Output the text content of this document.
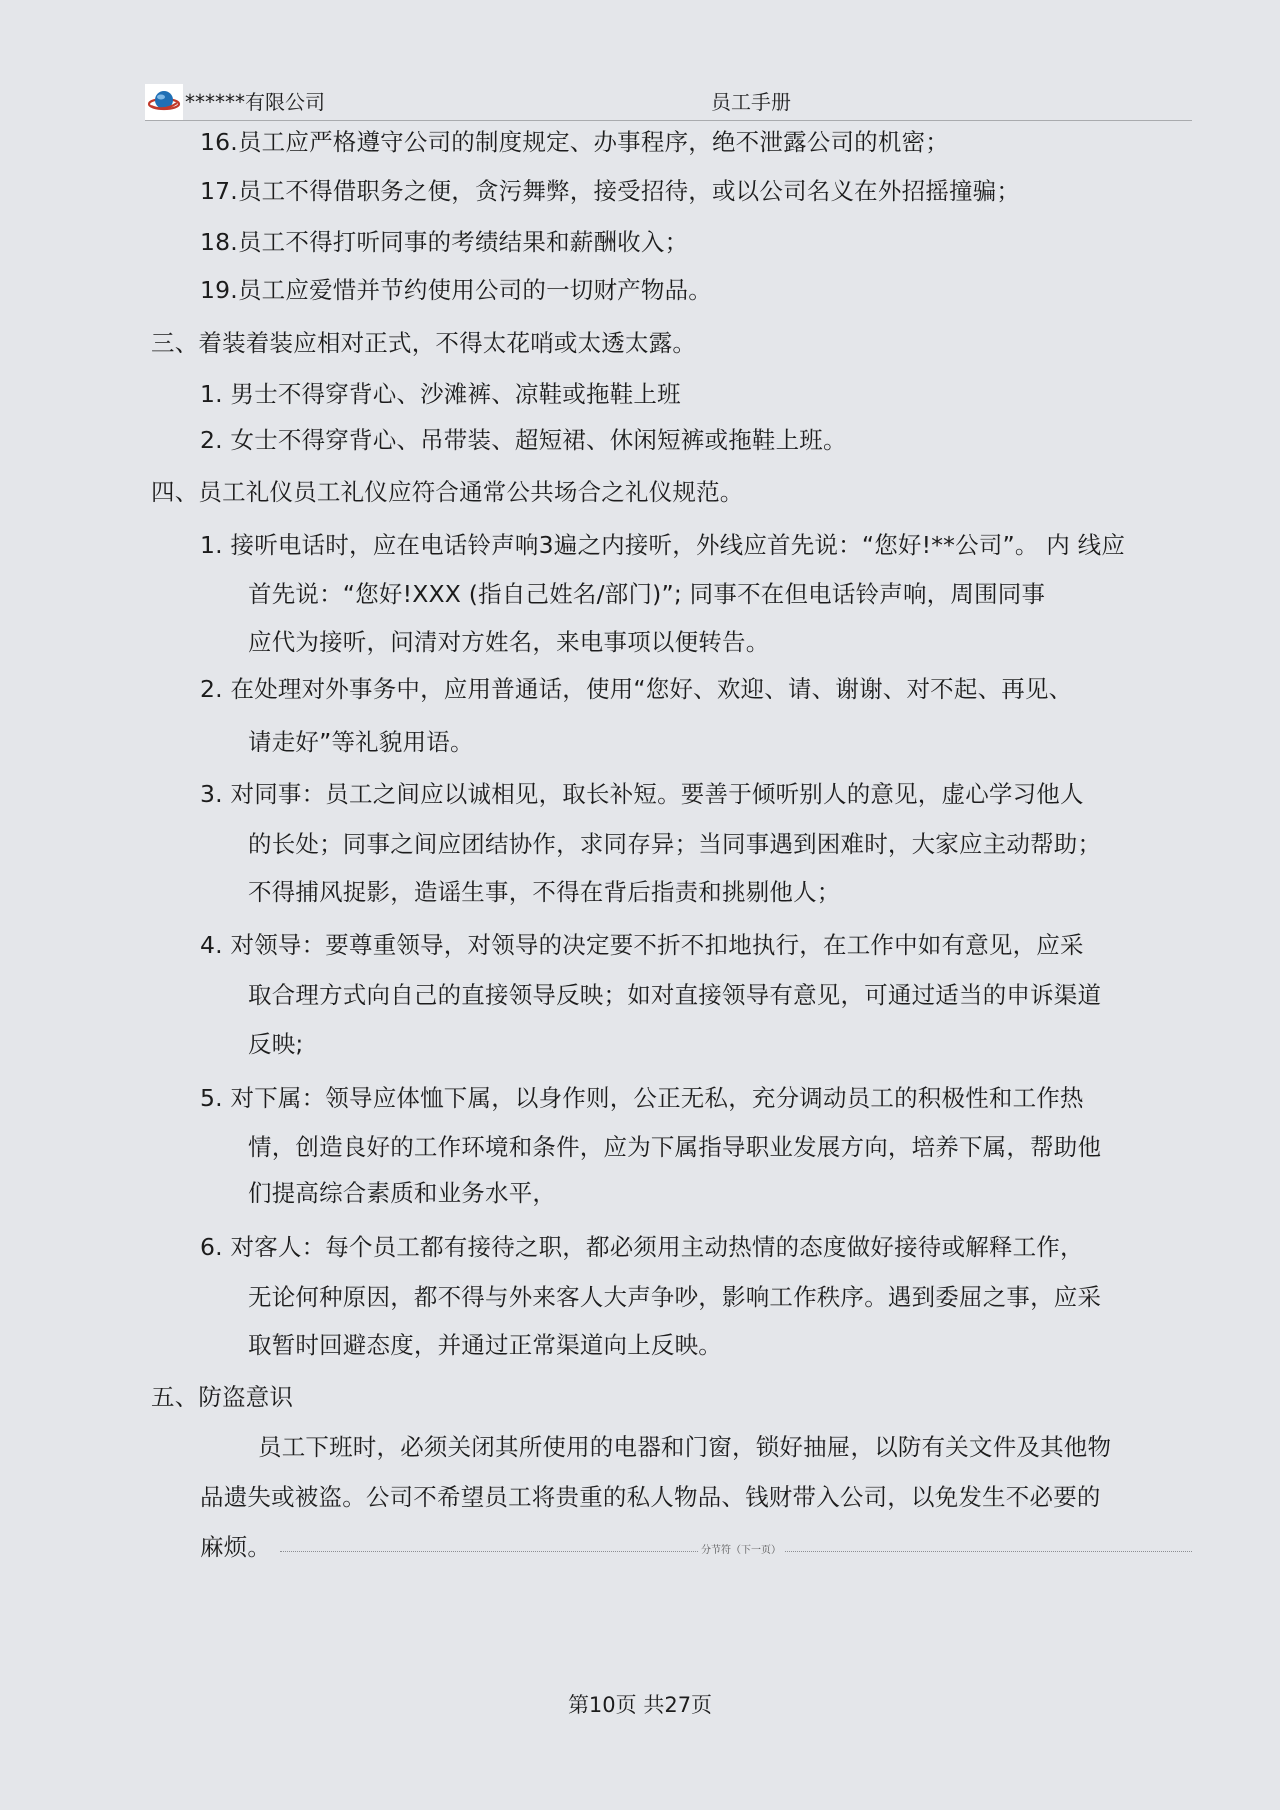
******有限公司	员工手册
16.员工应严格遵守公司的制度规定、办事程序，绝不泄露公司的机密；
17.员工不得借职务之便，贪污舞弊，接受招待，或以公司名义在外招摇撞骗；
18.员工不得打听同事的考绩结果和薪酬收入；
19.员工应爱惜并节约使用公司的一切财产物品。
三、着装着装应相对正式，不得太花哨或太透太露。
1. 男士不得穿背心、沙滩裤、凉鞋或拖鞋上班
2. 女士不得穿背心、吊带装、超短裙、休闲短裤或拖鞋上班。
四、员工礼仪员工礼仪应符合通常公共场合之礼仪规范。
1. 接听电话时，应在电话铃声响3遍之内接听，外线应首先说：“您好!**公司”。 内 线应
首先说：“您好!XXX (指自己姓名/部门)”; 同事不在但电话铃声响，周围同事
应代为接听，问清对方姓名，来电事项以便转告。
2. 在处理对外事务中，应用普通话，使用“您好、欢迎、请、谢谢、对不起、再见、
请走好”等礼貌用语。
3. 对同事：员工之间应以诚相见，取长补短。要善于倾听别人的意见，虚心学习他人
的长处；同事之间应团结协作，求同存异；当同事遇到困难时，大家应主动帮助；
不得捕风捉影，造谣生事，不得在背后指责和挑剔他人；
4. 对领导：要尊重领导，对领导的决定要不折不扣地执行，在工作中如有意见，应采
取合理方式向自己的直接领导反映；如对直接领导有意见，可通过适当的申诉渠道
反映;
5. 对下属：领导应体恤下属，以身作则，公正无私，充分调动员工的积极性和工作热
情，创造良好的工作环境和条件，应为下属指导职业发展方向，培养下属，帮助他
们提高综合素质和业务水平，
6. 对客人：每个员工都有接待之职，都必须用主动热情的态度做好接待或解释工作，
无论何种原因，都不得与外来客人大声争吵，影响工作秩序。遇到委屈之事，应采
取暂时回避态度，并通过正常渠道向上反映。
五、防盗意识
员工下班时，必须关闭其所使用的电器和门窗，锁好抽屉，以防有关文件及其他物
品遗失或被盗。公司不希望员工将贵重的私人物品、钱财带入公司，以免发生不必要的
麻烦。	分节符（下一页）
第10页 共27页
